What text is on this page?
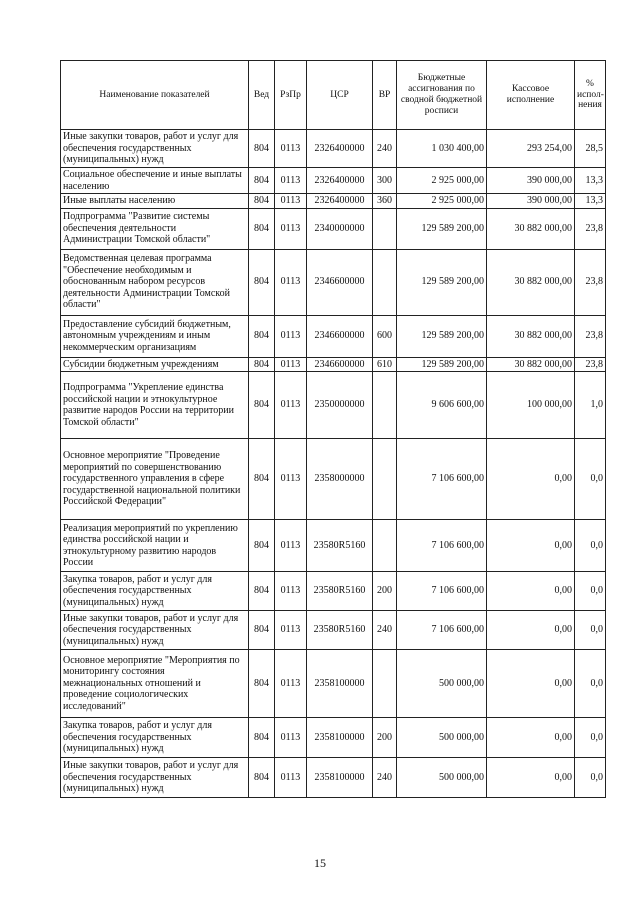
Наименование показателей	Вед	РзПр	ЦСР	ВР	Бюджетные ассигнования по сводной бюджетной росписи	Кассовое исполнение	% испол-нения
Иные закупки товаров, работ и услуг для обеспечения государственных (муниципальных) нужд	804	0113	2326400000	240	1 030 400,00	293 254,00	28,5
Социальное обеспечение и иные выплаты населению	804	0113	2326400000	300	2 925 000,00	390 000,00	13,3
Иные выплаты населению	804	0113	2326400000	360	2 925 000,00	390 000,00	13,3
Подпрограмма "Развитие системы обеспечения деятельности Администрации Томской области"	804	0113	2340000000		129 589 200,00	30 882 000,00	23,8
Ведомственная целевая программа "Обеспечение необходимым и обоснованным набором ресурсов деятельности Администрации Томской области"	804	0113	2346600000		129 589 200,00	30 882 000,00	23,8
Предоставление субсидий бюджетным, автономным учреждениям и иным некоммерческим организациям	804	0113	2346600000	600	129 589 200,00	30 882 000,00	23,8
Субсидии бюджетным учреждениям	804	0113	2346600000	610	129 589 200,00	30 882 000,00	23,8
Подпрограмма "Укрепление единства российской нации и этнокультурное развитие народов России на территории Томской области"	804	0113	2350000000		9 606 600,00	100 000,00	1,0
Основное мероприятие "Проведение мероприятий по совершенствованию государственного управления в сфере государственной национальной политики Российской Федерации"	804	0113	2358000000		7 106 600,00	0,00	0,0
Реализация мероприятий по укреплению единства российской нации и этнокультурному развитию народов России	804	0113	23580R5160		7 106 600,00	0,00	0,0
Закупка товаров, работ и услуг для обеспечения государственных (муниципальных) нужд	804	0113	23580R5160	200	7 106 600,00	0,00	0,0
Иные закупки товаров, работ и услуг для обеспечения государственных (муниципальных) нужд	804	0113	23580R5160	240	7 106 600,00	0,00	0,0
Основное мероприятие "Мероприятия по мониторингу состояния межнациональных отношений и проведение социологических исследований"	804	0113	2358100000		500 000,00	0,00	0,0
Закупка товаров, работ и услуг для обеспечения государственных (муниципальных) нужд	804	0113	2358100000	200	500 000,00	0,00	0,0
Иные закупки товаров, работ и услуг для обеспечения государственных (муниципальных) нужд	804	0113	2358100000	240	500 000,00	0,00	0,0
15
